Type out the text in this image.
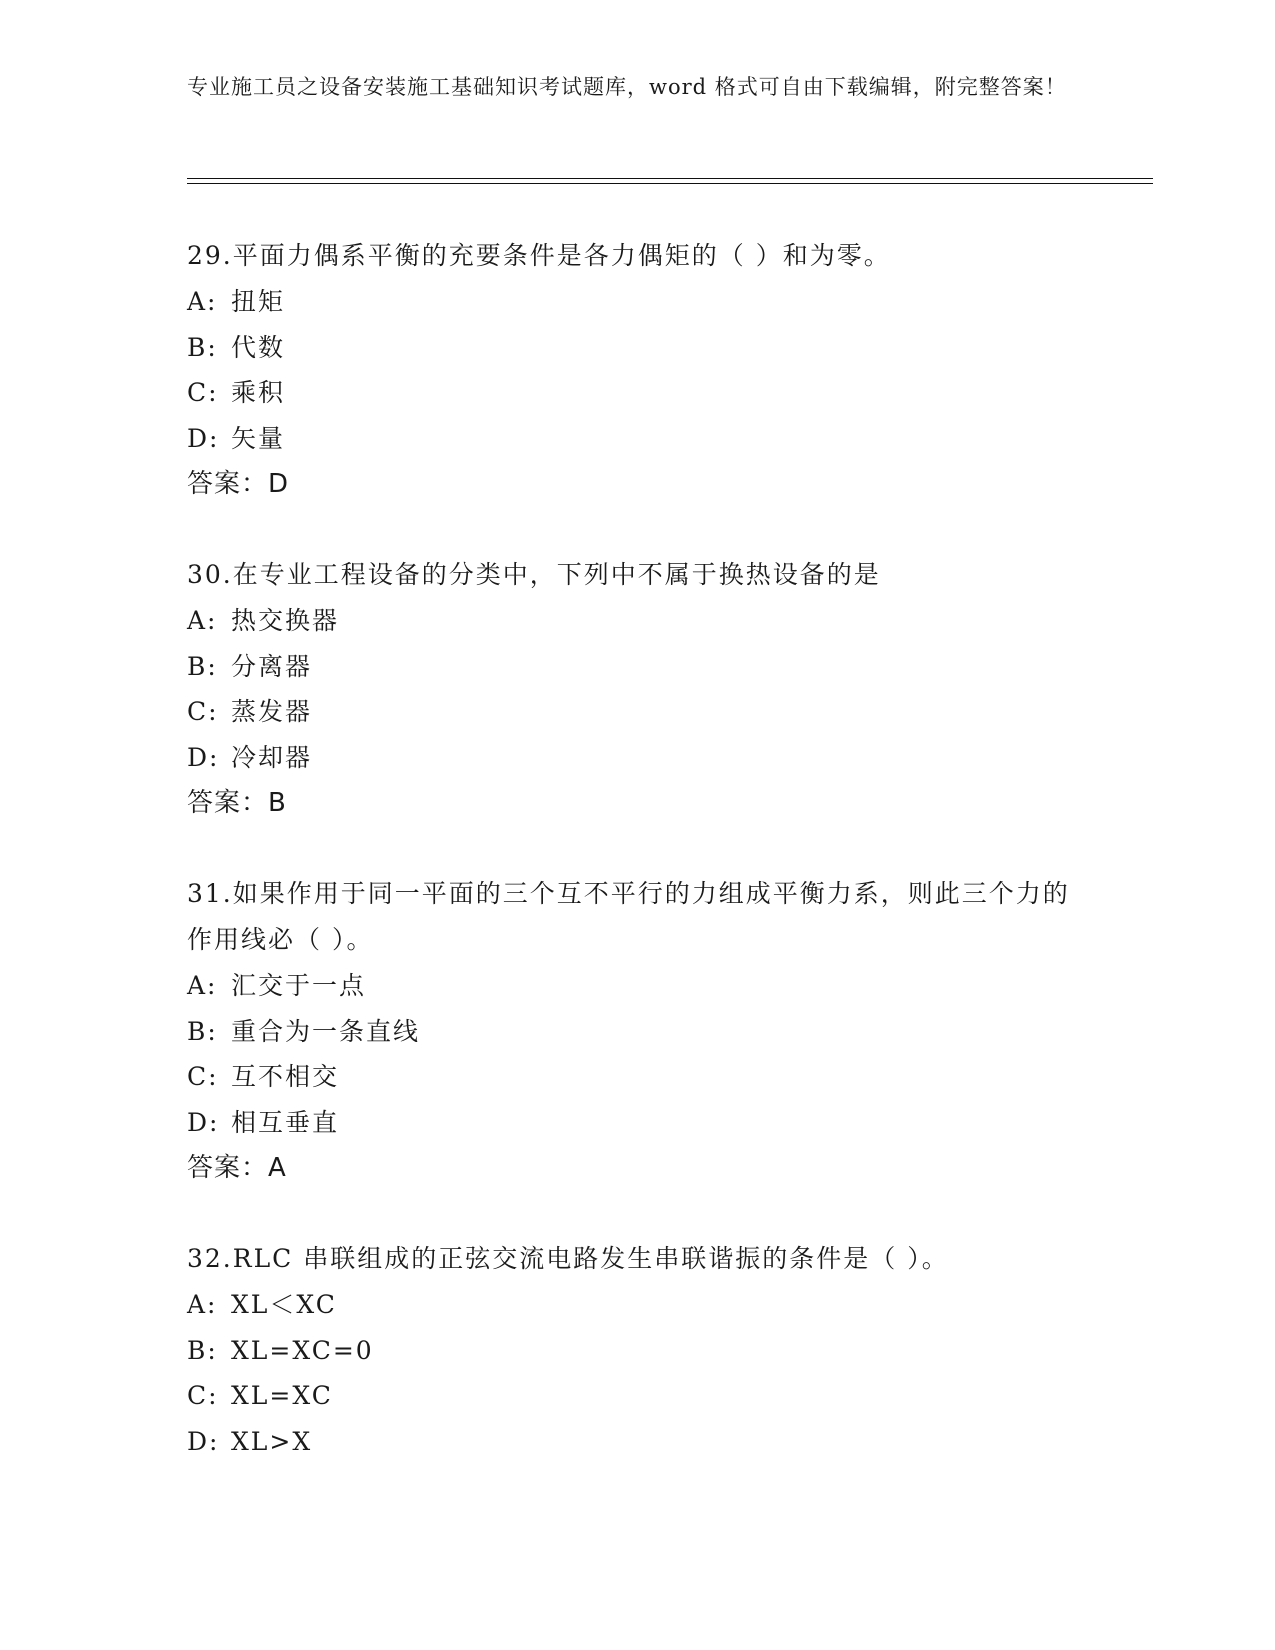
专业施工员之设备安装施工基础知识考试题库，word 格式可自由下载编辑，附完整答案！
29.平面力偶系平衡的充要条件是各力偶矩的（ ）和为零。
A: 扭矩
B: 代数
C: 乘积
D: 矢量
答案：D
30.在专业工程设备的分类中，下列中不属于换热设备的是
A: 热交换器
B: 分离器
C: 蒸发器
D: 冷却器
答案：B
31.如果作用于同一平面的三个互不平行的力组成平衡力系，则此三个力的作用线必（ ）。
A: 汇交于一点
B: 重合为一条直线
C: 互不相交
D: 相互垂直
答案：A
32.RLC 串联组成的正弦交流电路发生串联谐振的条件是（ ）。
A: XL＜XC
B: XL=XC=0
C: XL=XC
D: XL>X
